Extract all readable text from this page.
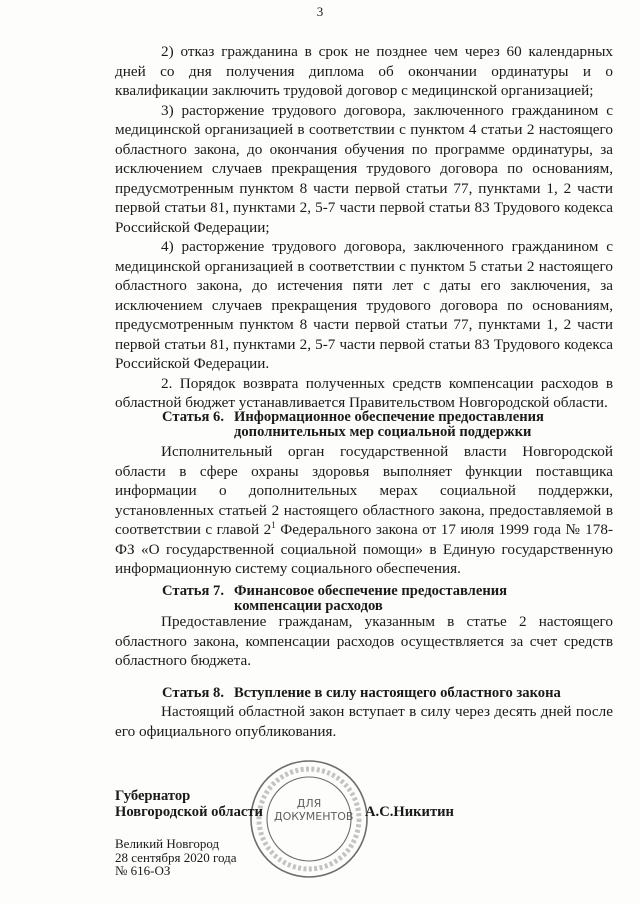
3

2) отказ гражданина в срок не позднее чем через 60 календарных дней со дня получения диплома об окончании ординатуры и о квалификации заключить трудовой договор с медицинской организацией;

3) расторжение трудового договора, заключенного гражданином с медицинской организацией в соответствии с пунктом 4 статьи 2 настоящего областного закона, до окончания обучения по программе ординатуры, за исключением случаев прекращения трудового договора по основаниям, предусмотренным пунктом 8 части первой статьи 77, пунктами 1, 2 части первой статьи 81, пунктами 2, 5-7 части первой статьи 83 Трудового кодекса Российской Федерации;

4) расторжение трудового договора, заключенного гражданином с медицинской организацией в соответствии с пунктом 5 статьи 2 настоящего областного закона, до истечения пяти лет с даты его заключения, за исключением случаев прекращения трудового договора по основаниям, предусмотренным пунктом 8 части первой статьи 77, пунктами 1, 2 части первой статьи 81, пунктами 2, 5-7 части первой статьи 83 Трудового кодекса Российской Федерации.

2. Порядок возврата полученных средств компенсации расходов в областной бюджет устанавливается Правительством Новгородской области.

Статья 6. Информационное обеспечение предоставления
дополнительных мер социальной поддержки

Исполнительный орган государственной власти Новгородской области в сфере охраны здоровья выполняет функции поставщика информации о дополнительных мерах социальной поддержки, установленных статьей 2 настоящего областного закона, предоставляемой в соответствии с главой $2^1$ Федерального закона от 17 июля 1999 года № 178-ФЗ «О государственной социальной помощи» в Единую государственную информационную систему социального обеспечения.

Статья 7. Финансовое обеспечение предоставления
компенсации расходов

Предоставление гражданам, указанным в статье 2 настоящего областного закона, компенсации расходов осуществляется за счет средств областного бюджета.

Статья 8. Вступление в силу настоящего областного закона

Настоящий областной закон вступает в силу через десять дней после его официального опубликования.

ДЛЯ
ДОКУМЕНТОВ
Губернатор
Новгородской области	А.С.Никитин
Великий Новгород
28 сентября 2020 года
№ 616-ОЗ
